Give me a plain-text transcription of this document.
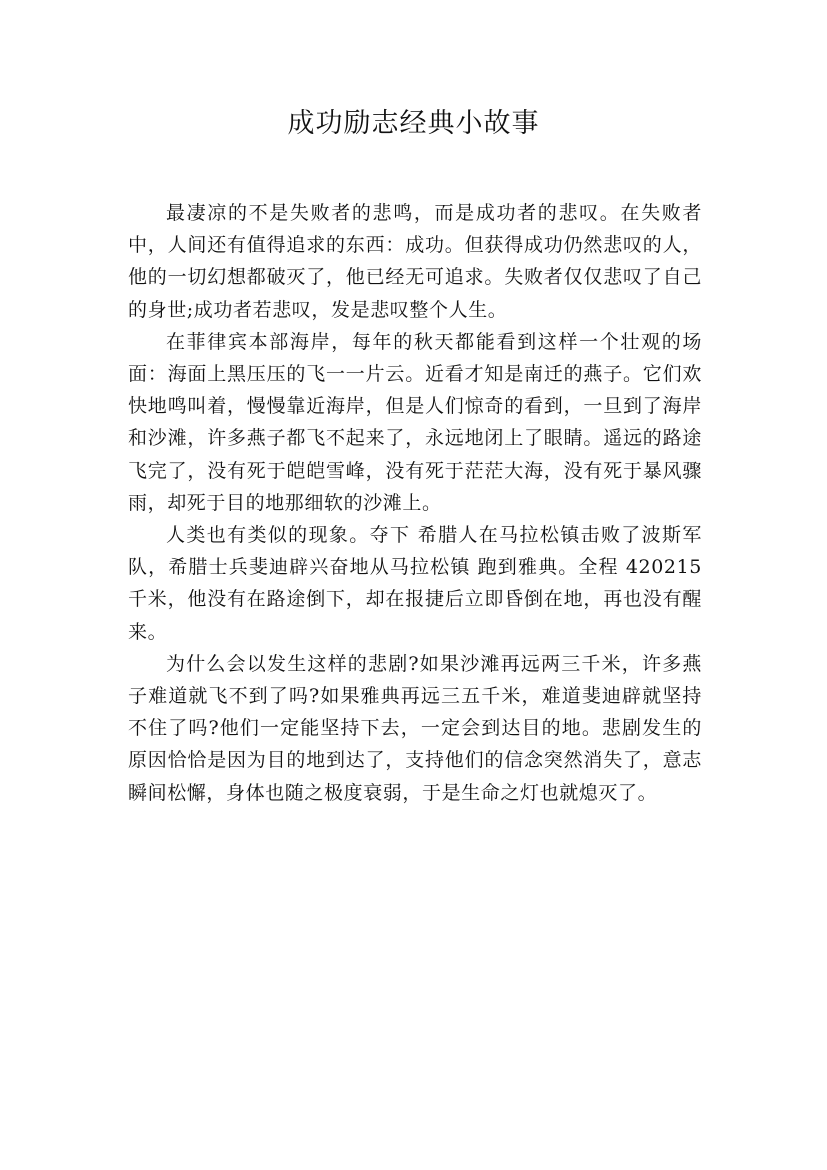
成功励志经典小故事

最凄凉的不是失败者的悲鸣，而是成功者的悲叹。在失败者中，人间还有值得追求的东西：成功。但获得成功仍然悲叹的人，他的一切幻想都破灭了，他已经无可追求。失败者仅仅悲叹了自己的身世;成功者若悲叹，发是悲叹整个人生。

在菲律宾本部海岸，每年的秋天都能看到这样一个壮观的场面：海面上黑压压的飞一一片云。近看才知是南迁的燕子。它们欢快地鸣叫着，慢慢靠近海岸，但是人们惊奇的看到，一旦到了海岸和沙滩，许多燕子都飞不起来了，永远地闭上了眼睛。遥远的路途飞完了，没有死于皑皑雪峰，没有死于茫茫大海，没有死于暴风骤雨，却死于目的地那细软的沙滩上。

人类也有类似的现象。夺下 希腊人在马拉松镇击败了波斯军队，希腊士兵斐迪辟兴奋地从马拉松镇 跑到雅典。全程 420215 千米，他没有在路途倒下，却在报捷后立即昏倒在地，再也没有醒来。

为什么会以发生这样的悲剧?如果沙滩再远两三千米，许多燕子难道就飞不到了吗?如果雅典再远三五千米，难道斐迪辟就坚持不住了吗?他们一定能坚持下去，一定会到达目的地。悲剧发生的原因恰恰是因为目的地到达了，支持他们的信念突然消失了，意志瞬间松懈，身体也随之极度衰弱，于是生命之灯也就熄灭了。
